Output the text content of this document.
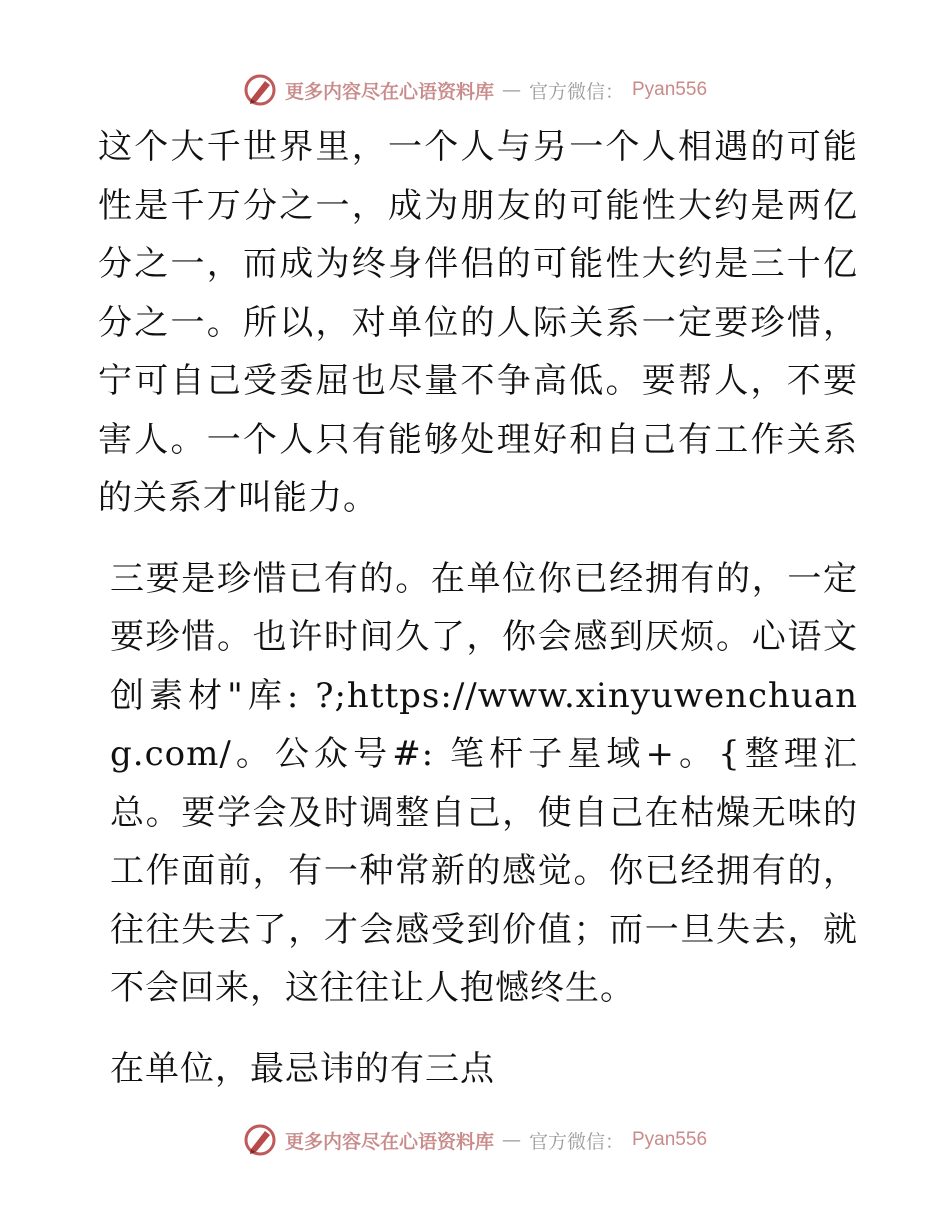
更多内容尽在心语资料库 — 官方微信： Pyan556

这个大千世界里，一个人与另一个人相遇的可能性是千万分之一，成为朋友的可能性大约是两亿分之一，而成为终身伴侣的可能性大约是三十亿分之一。所以，对单位的人际关系一定要珍惜，宁可自己受委屈也尽量不争高低。要帮人，不要害人。一个人只有能够处理好和自己有工作关系的关系才叫能力。

三要是珍惜已有的。在单位你已经拥有的，一定要珍惜。也许时间久了，你会感到厌烦。心语文创素材"库: ?;https://www.xinyuwenchuang.com/。公众号#: 笔杆子星域+。{整理汇总。要学会及时调整自己，使自己在枯燥无味的工作面前，有一种常新的感觉。你已经拥有的，往往失去了，才会感受到价值；而一旦失去，就不会回来，这往往让人抱憾终生。

在单位，最忌讳的有三点

更多内容尽在心语资料库 — 官方微信： Pyan556
